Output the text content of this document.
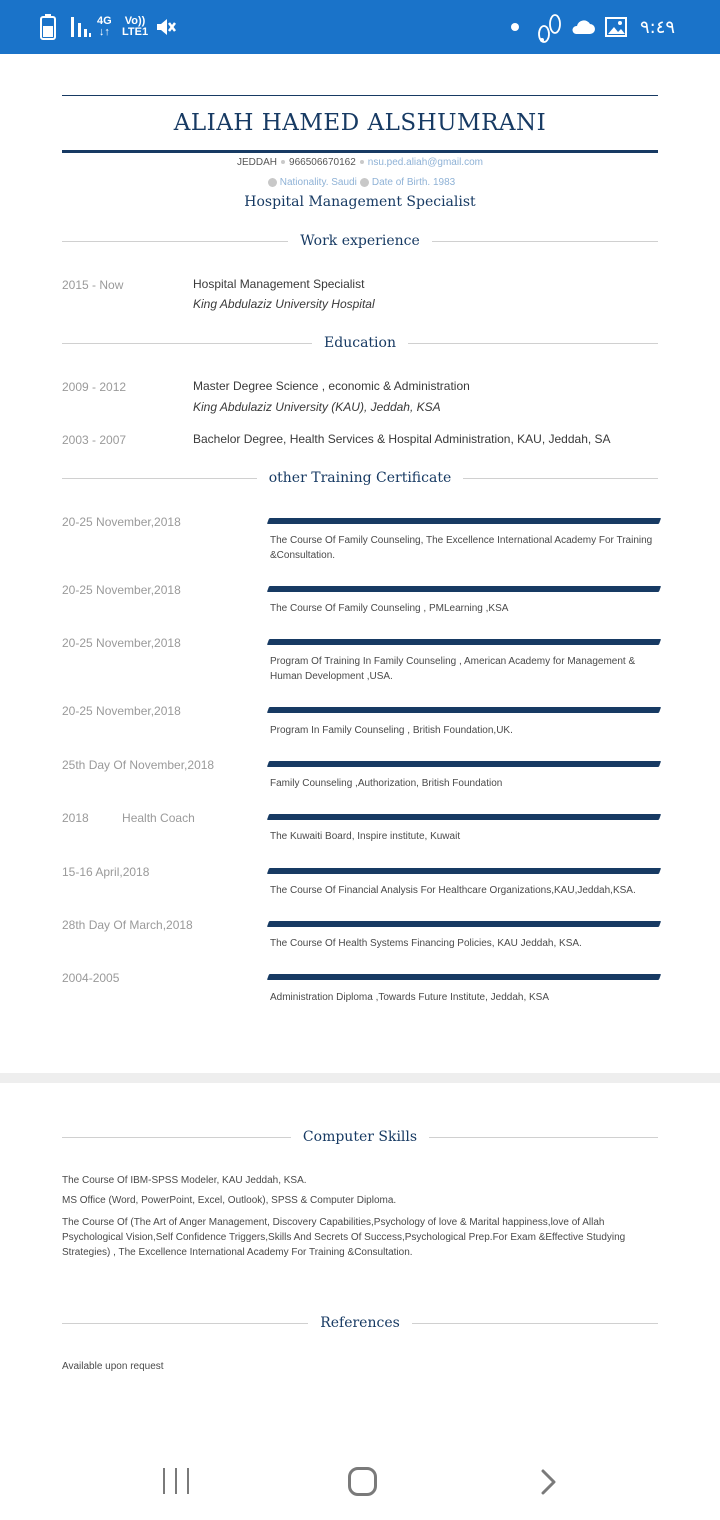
4G
↓↑
Vo))
LTE1	٩:٤٩
ALIAH HAMED ALSHUMRANI
JEDDAH 966506670162 nsu.ped.aliah@gmail.com
Nationality. Saudi Date of Birth. 1983
Hospital Management Specialist
Work experience
2015 - Now	Hospital Management Specialist
King Abdulaziz University Hospital
Education
2009 - 2012	Master Degree Science , economic & Administration
King Abdulaziz University (KAU), Jeddah, KSA
2003 - 2007	Bachelor Degree, Health Services & Hospital Administration, KAU, Jeddah, SA
other Training Certificate
20-25 November,2018
The Course Of Family Counseling, The Excellence International Academy For Training &Consultation.
20-25 November,2018
The Course Of Family Counseling , PMLearning ,KSA
20-25 November,2018
Program Of Training In Family Counseling , American Academy for Management & Human Development ,USA.
20-25 November,2018
Program In Family Counseling , British Foundation,UK.
25th Day Of November,2018
Family Counseling ,Authorization, British Foundation
2018          Health Coach
The Kuwaiti Board, Inspire institute, Kuwait
15-16 April,2018
The Course Of Financial Analysis For Healthcare Organizations,KAU,Jeddah,KSA.
28th Day Of March,2018
The Course Of Health Systems Financing Policies, KAU Jeddah, KSA.
2004-2005
Administration Diploma ,Towards Future Institute, Jeddah, KSA
Computer Skills
The Course Of IBM-SPSS Modeler, KAU Jeddah, KSA.
MS Office (Word, PowerPoint, Excel, Outlook), SPSS & Computer Diploma.
The Course Of (The Art of Anger Management, Discovery Capabilities,Psychology of love & Marital happiness,love of Allah Psychological Vision,Self Confidence Triggers,Skills And Secrets Of Success,Psychological Prep.For Exam &Effective Studying Strategies) , The Excellence International Academy For Training &Consultation.
References
Available upon request
